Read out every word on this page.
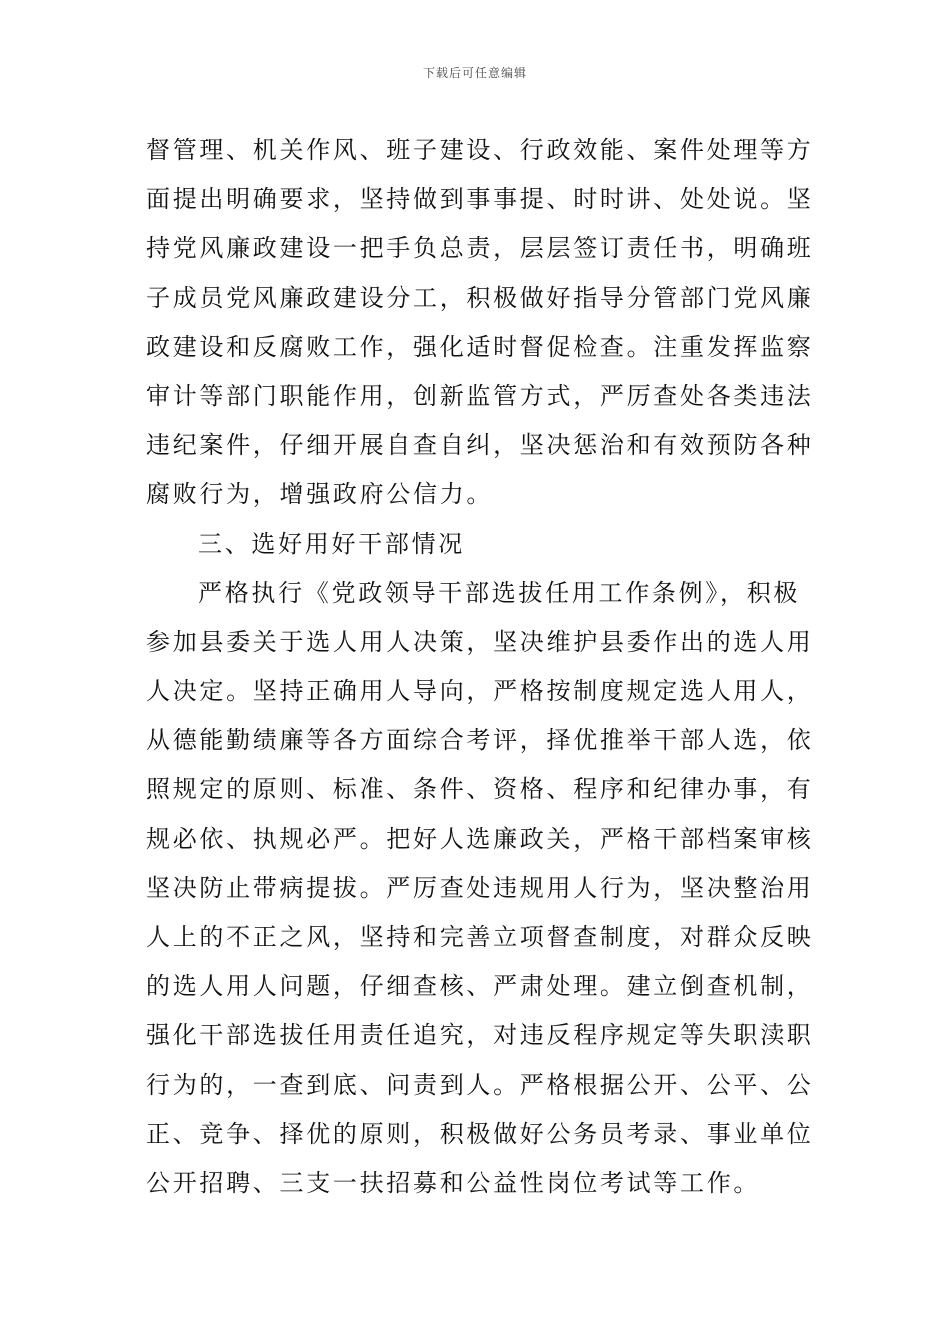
下载后可任意编辑
督管理、机关作风、班子建设、行政效能、案件处理等方
面提出明确要求，坚持做到事事提、时时讲、处处说。坚
持党风廉政建设一把手负总责，层层签订责任书，明确班
子成员党风廉政建设分工，积极做好指导分管部门党风廉
政建设和反腐败工作，强化适时督促检查。注重发挥监察
审计等部门职能作用，创新监管方式，严厉查处各类违法
违纪案件，仔细开展自查自纠，坚决惩治和有效预防各种
腐败行为，增强政府公信力。
三、选好用好干部情况
严格执行《党政领导干部选拔任用工作条例》，积极
参加县委关于选人用人决策，坚决维护县委作出的选人用
人决定。坚持正确用人导向，严格按制度规定选人用人，
从德能勤绩廉等各方面综合考评，择优推举干部人选，依
照规定的原则、标准、条件、资格、程序和纪律办事，有
规必依、执规必严。把好人选廉政关，严格干部档案审核
坚决防止带病提拔。严厉查处违规用人行为，坚决整治用
人上的不正之风，坚持和完善立项督查制度，对群众反映
的选人用人问题，仔细查核、严肃处理。建立倒查机制，
强化干部选拔任用责任追究，对违反程序规定等失职渎职
行为的，一查到底、问责到人。严格根据公开、公平、公
正、竞争、择优的原则，积极做好公务员考录、事业单位
公开招聘、三支一扶招募和公益性岗位考试等工作。
